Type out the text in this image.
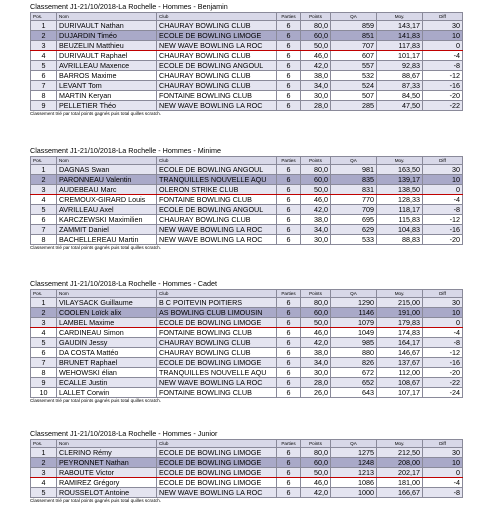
Classement J1-21/10/2018-La Rochelle - Hommes - Benjamin
Pos.	Nom	Club	Parties	Points	QA	Moy.	Diff
1	DURIVAULT Nathan	CHAURAY BOWLING CLUB	6	80,0	859	143,17	30
2	DUJARDIN Timéo	ECOLE DE BOWLING LIMOGE	6	60,0	851	141,83	10
3	BEUZELIN Matthieu	NEW WAVE BOWLING LA ROC	6	50,0	707	117,83	0
4	DURIVAULT Raphael	CHAURAY BOWLING CLUB	6	46,0	607	101,17	-4
5	AVRILLEAU Maxence	ECOLE DE BOWLING ANGOUL	6	42,0	557	92,83	-8
6	BARROS Maxime	CHAURAY BOWLING CLUB	6	38,0	532	88,67	-12
7	LEVANT Tom	CHAURAY BOWLING CLUB	6	34,0	524	87,33	-16
8	MARTIN Keryan	FONTAINE BOWLING CLUB	6	30,0	507	84,50	-20
9	PELLETIER Théo	NEW WAVE BOWLING LA ROC	6	28,0	285	47,50	-22
Classement trié par total points gagnés puis total quilles scratch.
Classement J1-21/10/2018-La Rochelle - Hommes - Minime
Pos.	Nom	Club	Parties	Points	QA	Moy.	Diff
1	DAGNAS Swan	ECOLE DE BOWLING ANGOUL	6	80,0	981	163,50	30
2	PARONNEAU Valentin	TRANQUILLES NOUVELLE AQU	6	60,0	835	139,17	10
3	AUDEBEAU Marc	OLERON STRIKE CLUB	6	50,0	831	138,50	0
4	CREMOUX-GIRARD Louis	FONTAINE BOWLING CLUB	6	46,0	770	128,33	-4
5	AVRILLEAU Axel	ECOLE DE BOWLING ANGOUL	6	42,0	709	118,17	-8
6	KARCZEWSKI Maximilien	CHAURAY BOWLING CLUB	6	38,0	695	115,83	-12
7	ZAMMIT Daniel	NEW WAVE BOWLING LA ROC	6	34,0	629	104,83	-16
8	BACHELLEREAU Martin	NEW WAVE BOWLING LA ROC	6	30,0	533	88,83	-20
Classement trié par total points gagnés puis total quilles scratch.
Classement J1-21/10/2018-La Rochelle - Hommes - Cadet
Pos.	Nom	Club	Parties	Points	QA	Moy.	Diff
1	VILAYSACK Guillaume	B C POITEVIN POITIERS	6	80,0	1290	215,00	30
2	COOLEN Loïck alix	AS BOWLING CLUB LIMOUSIN	6	60,0	1146	191,00	10
3	LAMBEL Maxime	ECOLE DE BOWLING LIMOGE	6	50,0	1079	179,83	0
4	CARDINEAU Simon	FONTAINE BOWLING CLUB	6	46,0	1049	174,83	-4
5	GAUDIN Jessy	CHAURAY BOWLING CLUB	6	42,0	985	164,17	-8
6	DA COSTA Mattéo	CHAURAY BOWLING CLUB	6	38,0	880	146,67	-12
7	BRUNET Raphael	ECOLE DE BOWLING LIMOGE	6	34,0	826	137,67	-16
8	WEHOWSKI élian	TRANQUILLES NOUVELLE AQU	6	30,0	672	112,00	-20
9	ECALLE Justin	NEW WAVE BOWLING LA ROC	6	28,0	652	108,67	-22
10	LALLET Corwin	FONTAINE BOWLING CLUB	6	26,0	643	107,17	-24
Classement trié par total points gagnés puis total quilles scratch.
Classement J1-21/10/2018-La Rochelle - Hommes - Junior
Pos.	Nom	Club	Parties	Points	QA	Moy.	Diff
1	CLERINO Rémy	ECOLE DE BOWLING LIMOGE	6	80,0	1275	212,50	30
2	PEYRONNET Nathan	ECOLE DE BOWLING LIMOGE	6	60,0	1248	208,00	10
3	RABOUTE Victor	ECOLE DE BOWLING LIMOGE	6	50,0	1213	202,17	0
4	RAMIREZ Grégory	ECOLE DE BOWLING LIMOGE	6	46,0	1086	181,00	-4
5	ROUSSELOT Antoine	NEW WAVE BOWLING LA ROC	6	42,0	1000	166,67	-8
Classement trié par total points gagnés puis total quilles scratch.
